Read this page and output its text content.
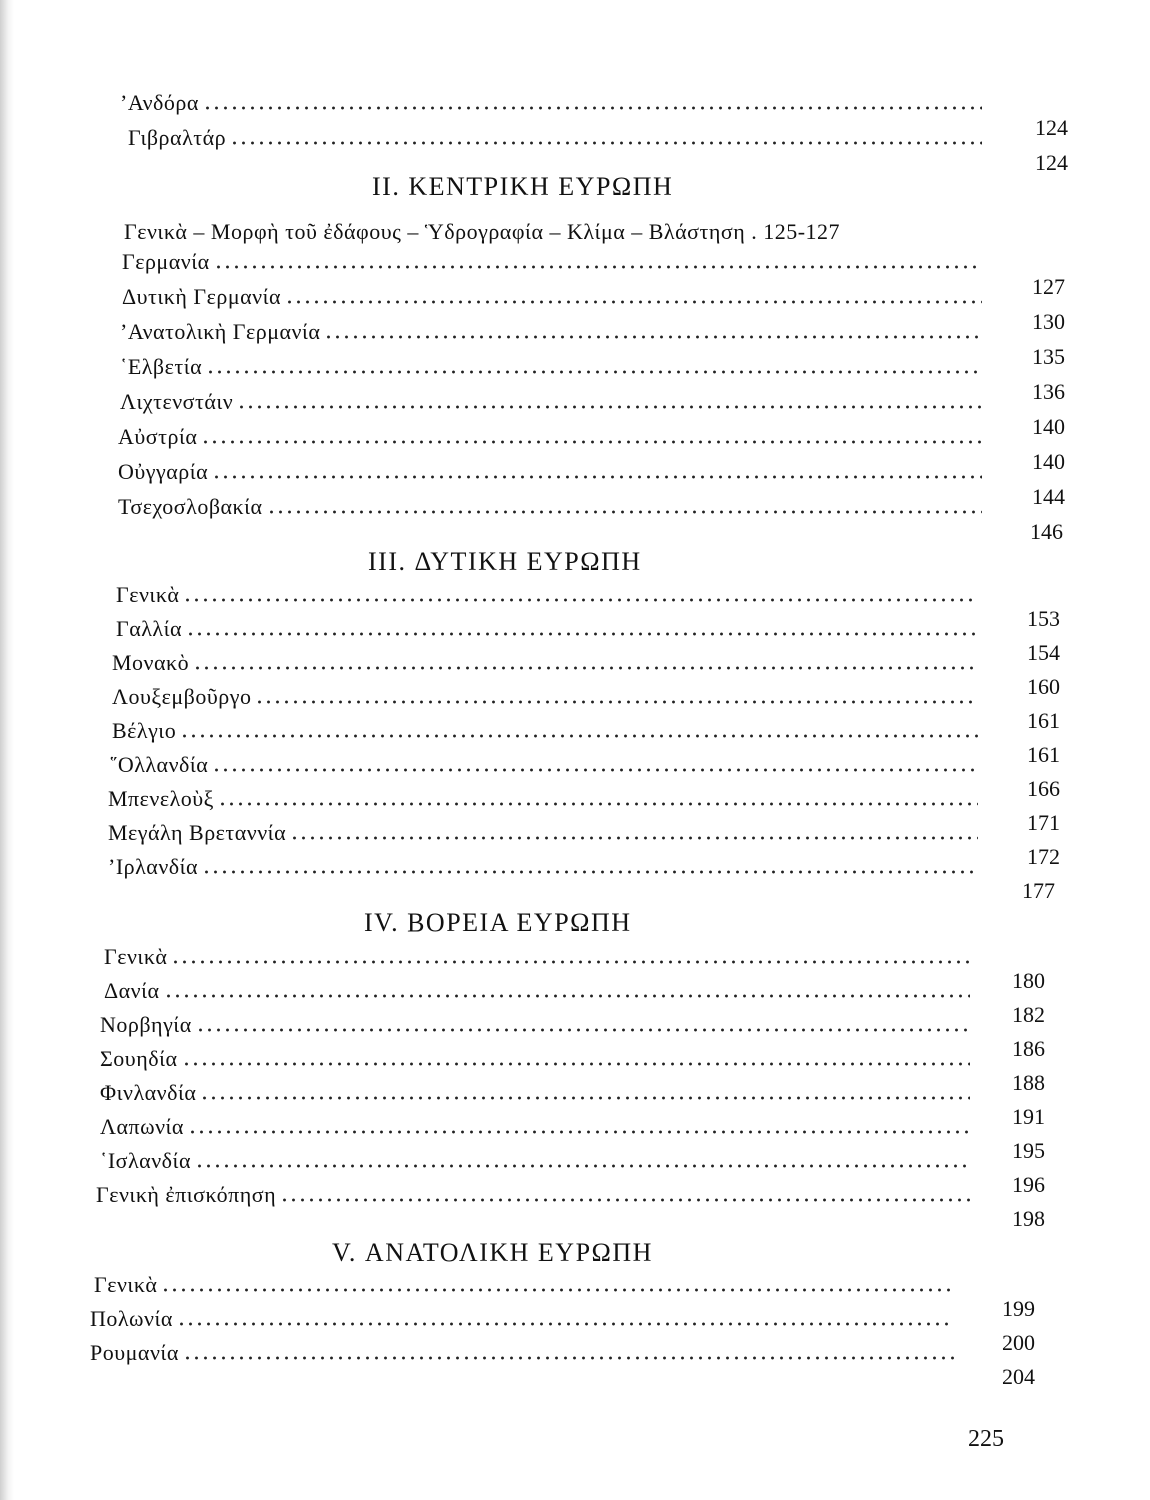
’Ανδόρα
Γιβραλτάρ	124
124
II. ΚΕΝΤΡΙΚΗ ΕΥΡΩΠΗ
Γενικὰ – Μορφὴ τοῦ ἐδάφους – Ὑδρογραφία – Κλίμα – Βλάστηση . 125-127
Γερμανία
Δυτικὴ Γερμανία
’Ανατολικὴ Γερμανία
῾Ελβετία
Λιχτενστάιν
Αὐστρία
Οὐγγαρία
Τσεχοσλοβακία
127
130
135
136
140
140
144
146
III. ΔΥΤΙΚΗ ΕΥΡΩΠΗ
Γενικὰ
Γαλλία
Μονακὸ
Λουξεμβοῦργο
Βέλγιο
῞Ολλανδία
Μπενελοὺξ
Μεγάλη Βρεταννία
’Ιρλανδία
153
154
160
161
161
166
171
172
177
IV. ΒΟΡΕΙΑ ΕΥΡΩΠΗ
Γενικὰ
Δανία
Νορβηγία
Σουηδία
Φινλανδία
Λαπωνία
῾Ισλανδία
Γενικὴ ἐπισκόπηση
180
182
186
188
191
195
196
198
V. ΑΝΑΤΟΛΙΚΗ ΕΥΡΩΠΗ
Γενικὰ
Πολωνία
Ρουμανία
199
200
204
225
